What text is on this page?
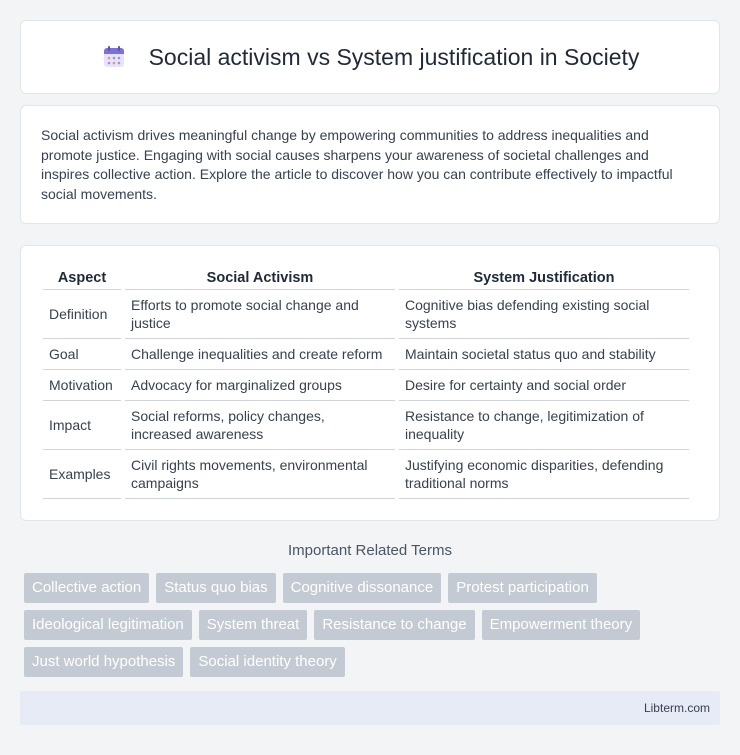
Social activism vs System justification in Society

Social activism drives meaningful change by empowering communities to address inequalities and promote justice. Engaging with social causes sharpens your awareness of societal challenges and inspires collective action. Explore the article to discover how you can contribute effectively to impactful social movements.

Aspect	Social Activism	System Justification
Definition	Efforts to promote social change and justice	Cognitive bias defending existing social systems
Goal	Challenge inequalities and create reform	Maintain societal status quo and stability
Motivation	Advocacy for marginalized groups	Desire for certainty and social order
Impact	Social reforms, policy changes, increased awareness	Resistance to change, legitimization of inequality
Examples	Civil rights movements, environmental campaigns	Justifying economic disparities, defending traditional norms
Important Related Terms
Collective action	Status quo bias	Cognitive dissonance	Protest participation
Ideological legitimation	System threat	Resistance to change	Empowerment theory
Just world hypothesis	Social identity theory
Libterm.com
